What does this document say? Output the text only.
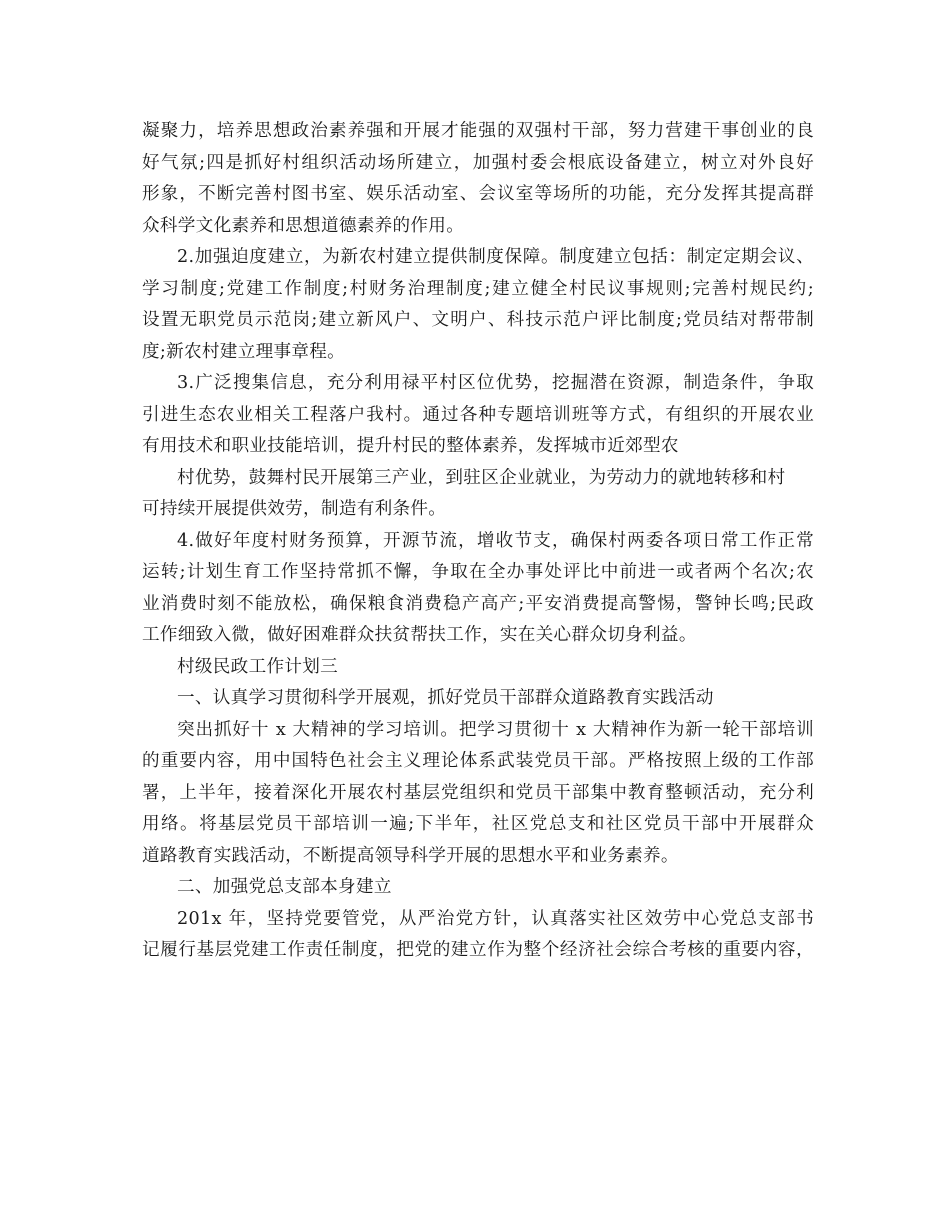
凝聚力，培养思想政治素养强和开展才能强的双强村干部，努力营建干事创业的良
好气氛;四是抓好村组织活动场所建立，加强村委会根底设备建立，树立对外良好
形象，不断完善村图书室、娱乐活动室、会议室等场所的功能，充分发挥其提高群
众科学文化素养和思想道德素养的作用。
2.加强迫度建立，为新农村建立提供制度保障。制度建立包括：制定定期会议、
学习制度;党建工作制度;村财务治理制度;建立健全村民议事规则;完善村规民约;
设置无职党员示范岗;建立新风户、文明户、科技示范户评比制度;党员结对帮带制
度;新农村建立理事章程。
3.广泛搜集信息，充分利用禄平村区位优势，挖掘潜在资源，制造条件，争取
引进生态农业相关工程落户我村。通过各种专题培训班等方式，有组织的开展农业
有用技术和职业技能培训，提升村民的整体素养，发挥城市近郊型农
村优势，鼓舞村民开展第三产业，到驻区企业就业，为劳动力的就地转移和村
可持续开展提供效劳，制造有利条件。
4.做好年度村财务预算，开源节流，增收节支，确保村两委各项日常工作正常
运转;计划生育工作坚持常抓不懈，争取在全办事处评比中前进一或者两个名次;农
业消费时刻不能放松，确保粮食消费稳产高产;平安消费提高警惕，警钟长鸣;民政
工作细致入微，做好困难群众扶贫帮扶工作，实在关心群众切身利益。
村级民政工作计划三
一、认真学习贯彻科学开展观，抓好党员干部群众道路教育实践活动
突出抓好十 x 大精神的学习培训。把学习贯彻十 x 大精神作为新一轮干部培训
的重要内容，用中国特色社会主义理论体系武装党员干部。严格按照上级的工作部
署，上半年，接着深化开展农村基层党组织和党员干部集中教育整顿活动，充分利
用络。将基层党员干部培训一遍;下半年，社区党总支和社区党员干部中开展群众
道路教育实践活动，不断提高领导科学开展的思想水平和业务素养。
二、加强党总支部本身建立
201x 年，坚持党要管党，从严治党方针，认真落实社区效劳中心党总支部书
记履行基层党建工作责任制度，把党的建立作为整个经济社会综合考核的重要内容，
